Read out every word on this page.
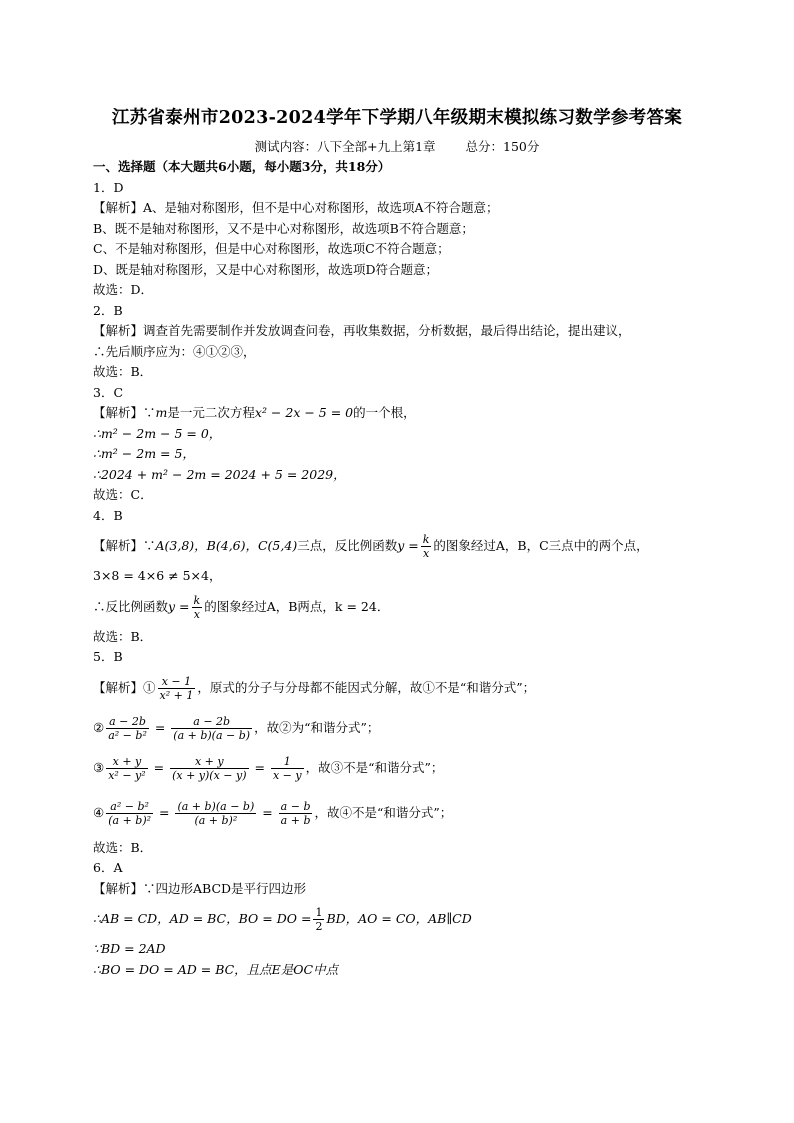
江苏省泰州市2023-2024学年下学期八年级期末模拟练习数学参考答案
测试内容：八下全部+九上第1章 总分：150分
一、选择题（本大题共6小题，每小题3分，共18分）
1．D
【解析】A、是轴对称图形，但不是中心对称图形，故选项A不符合题意；
B、既不是轴对称图形，又不是中心对称图形，故选项B不符合题意；
C、不是轴对称图形，但是中心对称图形，故选项C不符合题意；
D、既是轴对称图形，又是中心对称图形，故选项D符合题意；
故选：D．
2．B
【解析】调查首先需要制作并发放调查问卷，再收集数据，分析数据，最后得出结论，提出建议，
∴先后顺序应为：④①②③，
故选：B．
3．C
【解析】∵m是一元二次方程x² − 2x − 5 = 0的一个根，
∴m² − 2m − 5 = 0，
∴m² − 2m = 5，
∴2024 + m² − 2m = 2024 + 5 = 2029，
故选：C．
4．B
【解析】∵A(3,8)，B(4,6)，C(5,4)三点，反比例函数$y = \frac{k}{x}$ 的图象经过A，B，C三点中的两个点，
3×8 = 4×6 ≠ 5×4，
∴反比例函数$y = \frac{k}{x}$ 的图象经过A，B两点，k = 24．
故选：B．
5．B
【解析】① $\frac{x - 1}{\text{x² + 1}}$ ，原式的分子与分母都不能因式分解，故①不是“和谐分式”；
② $\frac{a - 2b}{\text{a² − b²}} = \frac{a - 2b}{(a + b)(a - b)}$ ，故②为“和谐分式”；
③ $\frac{x + y}{\text{x² − y²}} = \frac{x + y}{(x + y)(x - y)} = \frac{1}{x - y}$ ，故③不是“和谐分式”；
④ $\frac{\text{a² − b²}}{\text{(a + b)²}} = \frac{(a + b)(a - b)}{\text{(a + b)²}} = \frac{a - b}{a + b}$ ，故④不是“和谐分式”；
故选：B．
6．A
【解析】∵四边形ABCD是平行四边形
∴AB = CD，AD = BC，BO = DO = $\frac{1}{2}$ BD，AO = CO，AB∥CD
∵BD = 2AD
∴BO = DO = AD = BC，且点E是OC中点
